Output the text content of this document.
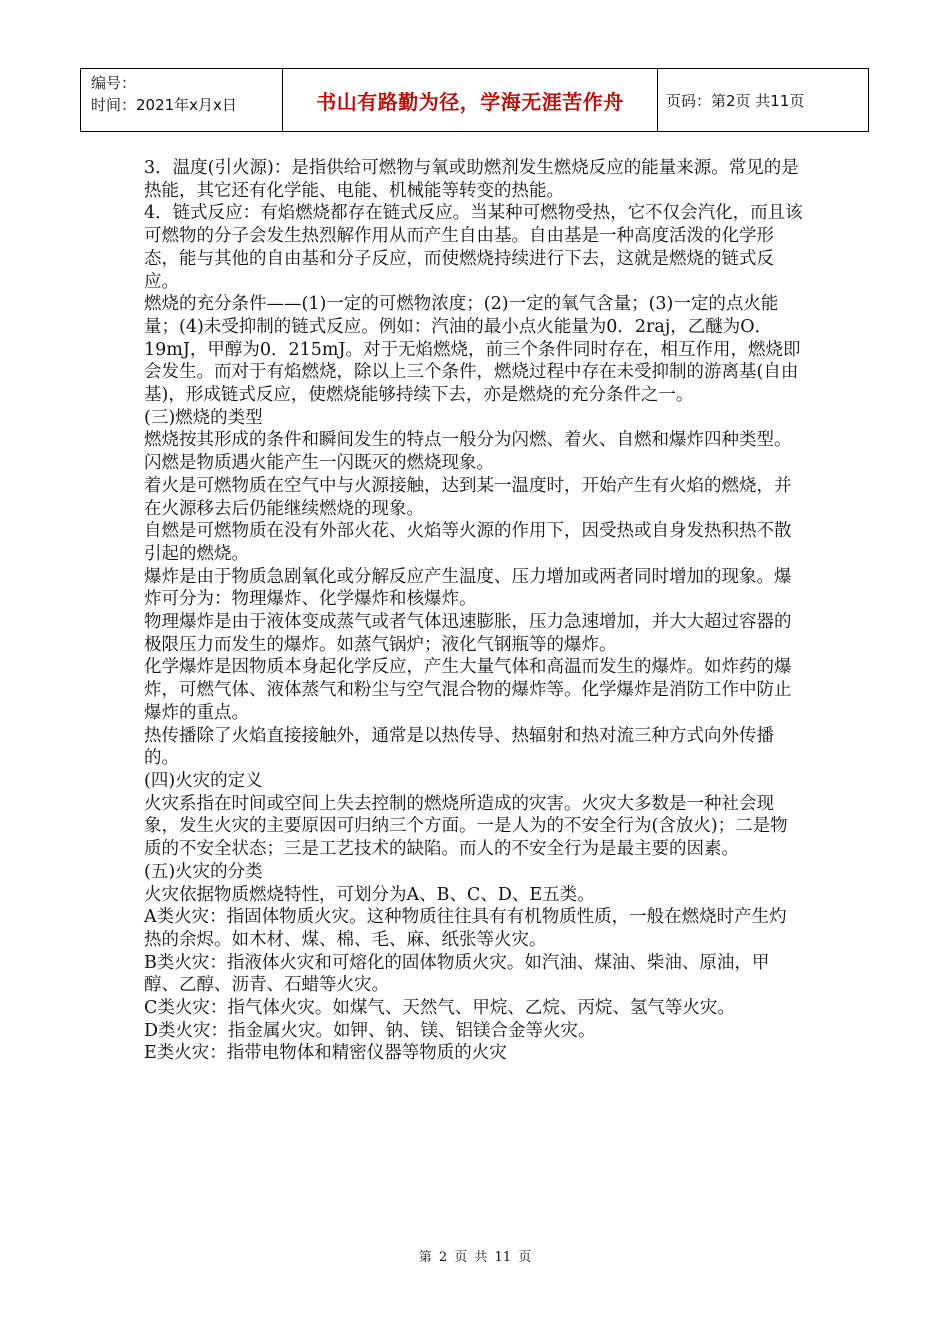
编号：
时间：2021年x月x日	书山有路勤为径，学海无涯苦作舟	页码：第2页 共11页

3．温度(引火源)：是指供给可燃物与氧或助燃剂发生燃烧反应的能量来源。常见的是热能，其它还有化学能、电能、机械能等转变的热能。

4．链式反应：有焰燃烧都存在链式反应。当某种可燃物受热，它不仅会汽化，而且该可燃物的分子会发生热烈解作用从而产生自由基。自由基是一种高度活泼的化学形态，能与其他的自由基和分子反应，而使燃烧持续进行下去，这就是燃烧的链式反应。

燃烧的充分条件——(1)一定的可燃物浓度；(2)一定的氧气含量；(3)一定的点火能量；(4)未受抑制的链式反应。例如：汽油的最小点火能量为0．2raj，乙醚为O．19mJ，甲醇为0．215mJ。对于无焰燃烧，前三个条件同时存在，相互作用，燃烧即会发生。而对于有焰燃烧，除以上三个条件，燃烧过程中存在未受抑制的游离基(自由基)，形成链式反应，使燃烧能够持续下去，亦是燃烧的充分条件之一。

(三)燃烧的类型

燃烧按其形成的条件和瞬间发生的特点一般分为闪燃、着火、自燃和爆炸四种类型。

闪燃是物质遇火能产生一闪既灭的燃烧现象。

着火是可燃物质在空气中与火源接触，达到某一温度时，开始产生有火焰的燃烧，并在火源移去后仍能继续燃烧的现象。

自燃是可燃物质在没有外部火花、火焰等火源的作用下，因受热或自身发热积热不散引起的燃烧。

爆炸是由于物质急剧氧化或分解反应产生温度、压力增加或两者同时增加的现象。爆炸可分为：物理爆炸、化学爆炸和核爆炸。

物理爆炸是由于液体变成蒸气或者气体迅速膨胀，压力急速增加，并大大超过容器的极限压力而发生的爆炸。如蒸气锅炉；液化气钢瓶等的爆炸。

化学爆炸是因物质本身起化学反应，产生大量气体和高温而发生的爆炸。如炸药的爆炸，可燃气体、液体蒸气和粉尘与空气混合物的爆炸等。化学爆炸是消防工作中防止爆炸的重点。

热传播除了火焰直接接触外，通常是以热传导、热辐射和热对流三种方式向外传播的。

(四)火灾的定义

火灾系指在时间或空间上失去控制的燃烧所造成的灾害。火灾大多数是一种社会现象，发生火灾的主要原因可归纳三个方面。一是人为的不安全行为(含放火)；二是物质的不安全状态；三是工艺技术的缺陷。而人的不安全行为是最主要的因素。

(五)火灾的分类

火灾依据物质燃烧特性，可划分为A、B、C、D、E五类。

A类火灾：指固体物质火灾。这种物质往往具有有机物质性质，一般在燃烧时产生灼热的余烬。如木材、煤、棉、毛、麻、纸张等火灾。

B类火灾：指液体火灾和可熔化的固体物质火灾。如汽油、煤油、柴油、原油，甲醇、乙醇、沥青、石蜡等火灾。

C类火灾：指气体火灾。如煤气、天然气、甲烷、乙烷、丙烷、氢气等火灾。

D类火灾：指金属火灾。如钾、钠、镁、铝镁合金等火灾。

E类火灾：指带电物体和精密仪器等物质的火灾

第 2 页 共 11 页
